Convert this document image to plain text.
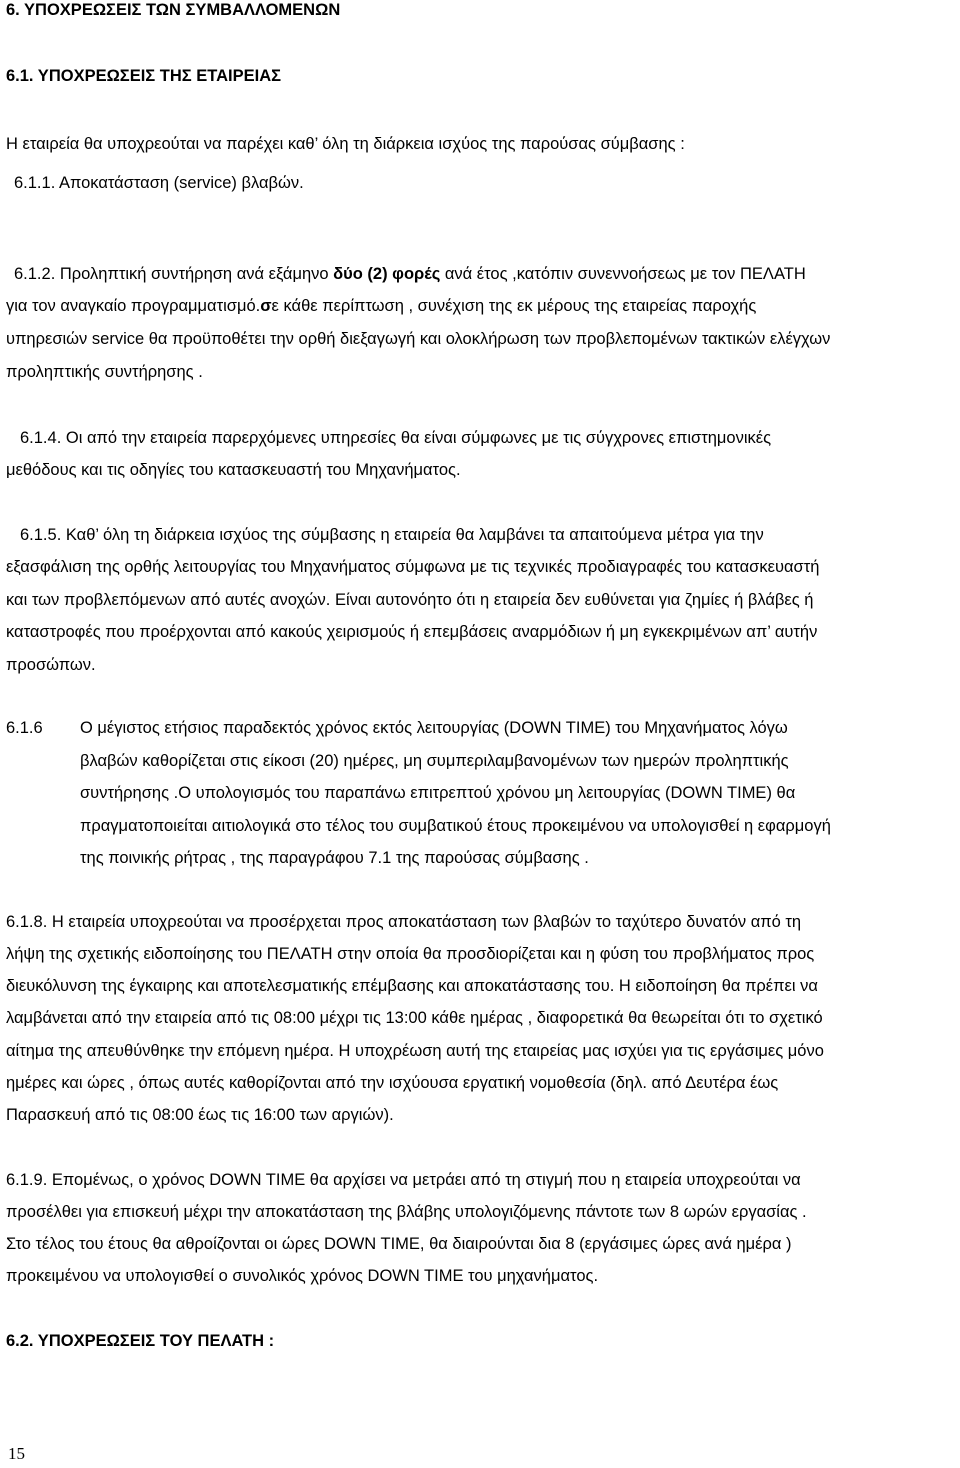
6. ΥΠΟΧΡΕΩΣΕΙΣ ΤΩΝ ΣΥΜΒΑΛΛΟΜΕΝΩΝ
6.1. ΥΠΟΧΡΕΩΣΕΙΣ ΤΗΣ ΕΤΑΙΡΕΙΑΣ
Η εταιρεία θα υποχρεούται να παρέχει καθ’ όλη τη διάρκεια ισχύος της παρούσας σύμβασης :
6.1.1. Αποκατάσταση (service) βλαβών.
6.1.2. Προληπτική συντήρηση ανά εξάμηνο δύο (2) φορές ανά έτος ,κατόπιν συνεννοήσεως με τον ΠΕΛΑΤΗ
για τον αναγκαίο προγραμματισμό.σε κάθε περίπτωση , συνέχιση της εκ μέρους της εταιρείας παροχής
υπηρεσιών service θα προϋποθέτει την ορθή διεξαγωγή και ολοκλήρωση των προβλεπομένων τακτικών ελέγχων
προληπτικής συντήρησης .
6.1.4. Οι από την εταιρεία παρερχόμενες υπηρεσίες θα είναι σύμφωνες με τις σύγχρονες επιστημονικές
μεθόδους και τις οδηγίες του κατασκευαστή του Μηχανήματος.
6.1.5. Καθ’ όλη τη διάρκεια ισχύος της σύμβασης η εταιρεία θα λαμβάνει τα απαιτούμενα μέτρα για την
εξασφάλιση της ορθής λειτουργίας του Μηχανήματος σύμφωνα με τις τεχνικές προδιαγραφές του κατασκευαστή
και των προβλεπόμενων από αυτές ανοχών. Είναι αυτονόητο ότι η εταιρεία δεν ευθύνεται για ζημίες ή βλάβες ή
καταστροφές που προέρχονται από κακούς χειρισμούς ή επεμβάσεις αναρμόδιων ή μη εγκεκριμένων απ’ αυτήν
προσώπων.
6.1.6 Ο μέγιστος ετήσιος παραδεκτός χρόνος εκτός λειτουργίας (DOWN TIME) του Μηχανήματος λόγω
βλαβών καθορίζεται στις είκοσι (20) ημέρες, μη συμπεριλαμβανομένων των ημερών προληπτικής
συντήρησης .Ο υπολογισμός του παραπάνω επιτρεπτού χρόνου μη λειτουργίας (DOWN TIME) θα
πραγματοποιείται αιτιολογικά στο τέλος του συμβατικού έτους προκειμένου να υπολογισθεί η εφαρμογή
της ποινικής ρήτρας , της παραγράφου 7.1 της παρούσας σύμβασης .
6.1.8. Η εταιρεία υποχρεούται να προσέρχεται προς αποκατάσταση των βλαβών το ταχύτερο δυνατόν από τη
λήψη της σχετικής ειδοποίησης του ΠΕΛΑΤΗ στην οποία θα προσδιορίζεται και η φύση του προβλήματος προς
διευκόλυνση της έγκαιρης και αποτελεσματικής επέμβασης και αποκατάστασης του. Η ειδοποίηση θα πρέπει να
λαμβάνεται από την εταιρεία από τις 08:00 μέχρι τις 13:00 κάθε ημέρας , διαφορετικά θα θεωρείται ότι το σχετικό
αίτημα της απευθύνθηκε την επόμενη ημέρα. Η υποχρέωση αυτή της εταιρείας μας ισχύει για τις εργάσιμες μόνο
ημέρες και ώρες , όπως αυτές καθορίζονται από την ισχύουσα εργατική νομοθεσία (δηλ. από Δευτέρα έως
Παρασκευή από τις 08:00 έως τις 16:00 των αργιών).
6.1.9. Επομένως, ο χρόνος DOWN TIME θα αρχίσει να μετράει από τη στιγμή που η εταιρεία υποχρεούται να
προσέλθει για επισκευή μέχρι την αποκατάσταση της βλάβης υπολογιζόμενης πάντοτε των 8 ωρών εργασίας .
Στο τέλος του έτους θα αθροίζονται οι ώρες DOWN TIME, θα διαιρούνται δια 8 (εργάσιμες ώρες ανά ημέρα )
προκειμένου να υπολογισθεί ο συνολικός χρόνος DOWN TIME του μηχανήματος.
6.2. ΥΠΟΧΡΕΩΣΕΙΣ ΤΟΥ ΠΕΛΑΤΗ :
15
